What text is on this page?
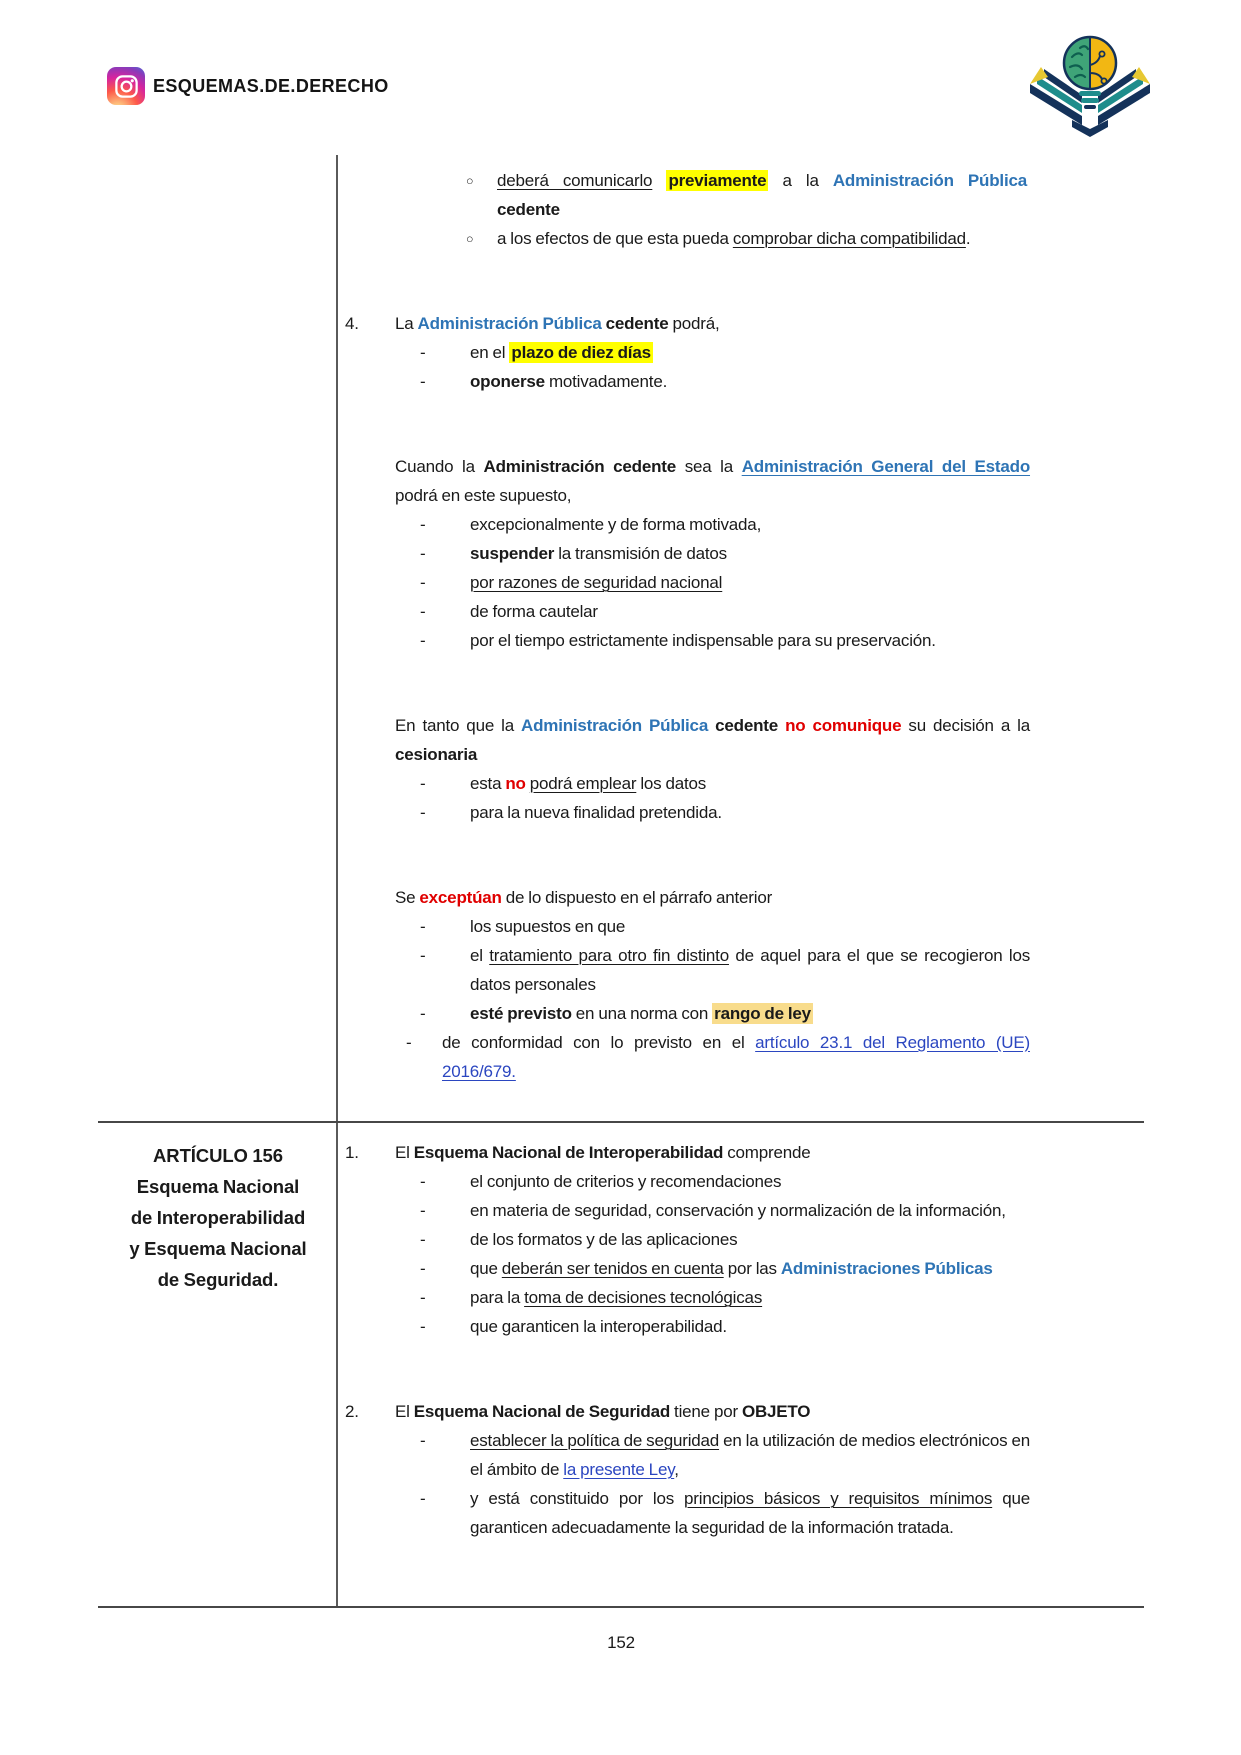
ESQUEMAS.DE.DERECHO
○ deberá comunicarlo previamente a la Administración Pública cedente
○ a los efectos de que esta pueda comprobar dicha compatibilidad.
4. La Administración Pública cedente podrá,
-	en el plazo de diez días
-	oponerse motivadamente.
Cuando la Administración cedente sea la Administración General del Estado podrá en este supuesto,
-	excepcionalmente y de forma motivada,
-	suspender la transmisión de datos
-	por razones de seguridad nacional
-	de forma cautelar
-	por el tiempo estrictamente indispensable para su preservación.
En tanto que la Administración Pública cedente no comunique su decisión a la cesionaria
-	esta no podrá emplear los datos
-	para la nueva finalidad pretendida.
Se exceptúan de lo dispuesto en el párrafo anterior
-	los supuestos en que
-	el tratamiento para otro fin distinto de aquel para el que se recogieron los datos personales
-	esté previsto en una norma con rango de ley
- de conformidad con lo previsto en el artículo 23.1 del Reglamento (UE) 2016/679.
ARTÍCULO 156
Esquema Nacional
de Interoperabilidad
y Esquema Nacional
de Seguridad.
1. El Esquema Nacional de Interoperabilidad comprende
-	el conjunto de criterios y recomendaciones
-	en materia de seguridad, conservación y normalización de la información,
-	de los formatos y de las aplicaciones
-	que deberán ser tenidos en cuenta por las Administraciones Públicas
-	para la toma de decisiones tecnológicas
-	que garanticen la interoperabilidad.
2. El Esquema Nacional de Seguridad tiene por OBJETO
-	establecer la política de seguridad en la utilización de medios electrónicos en el ámbito de la presente Ley,
-	y está constituido por los principios básicos y requisitos mínimos que garanticen adecuadamente la seguridad de la información tratada.
152
